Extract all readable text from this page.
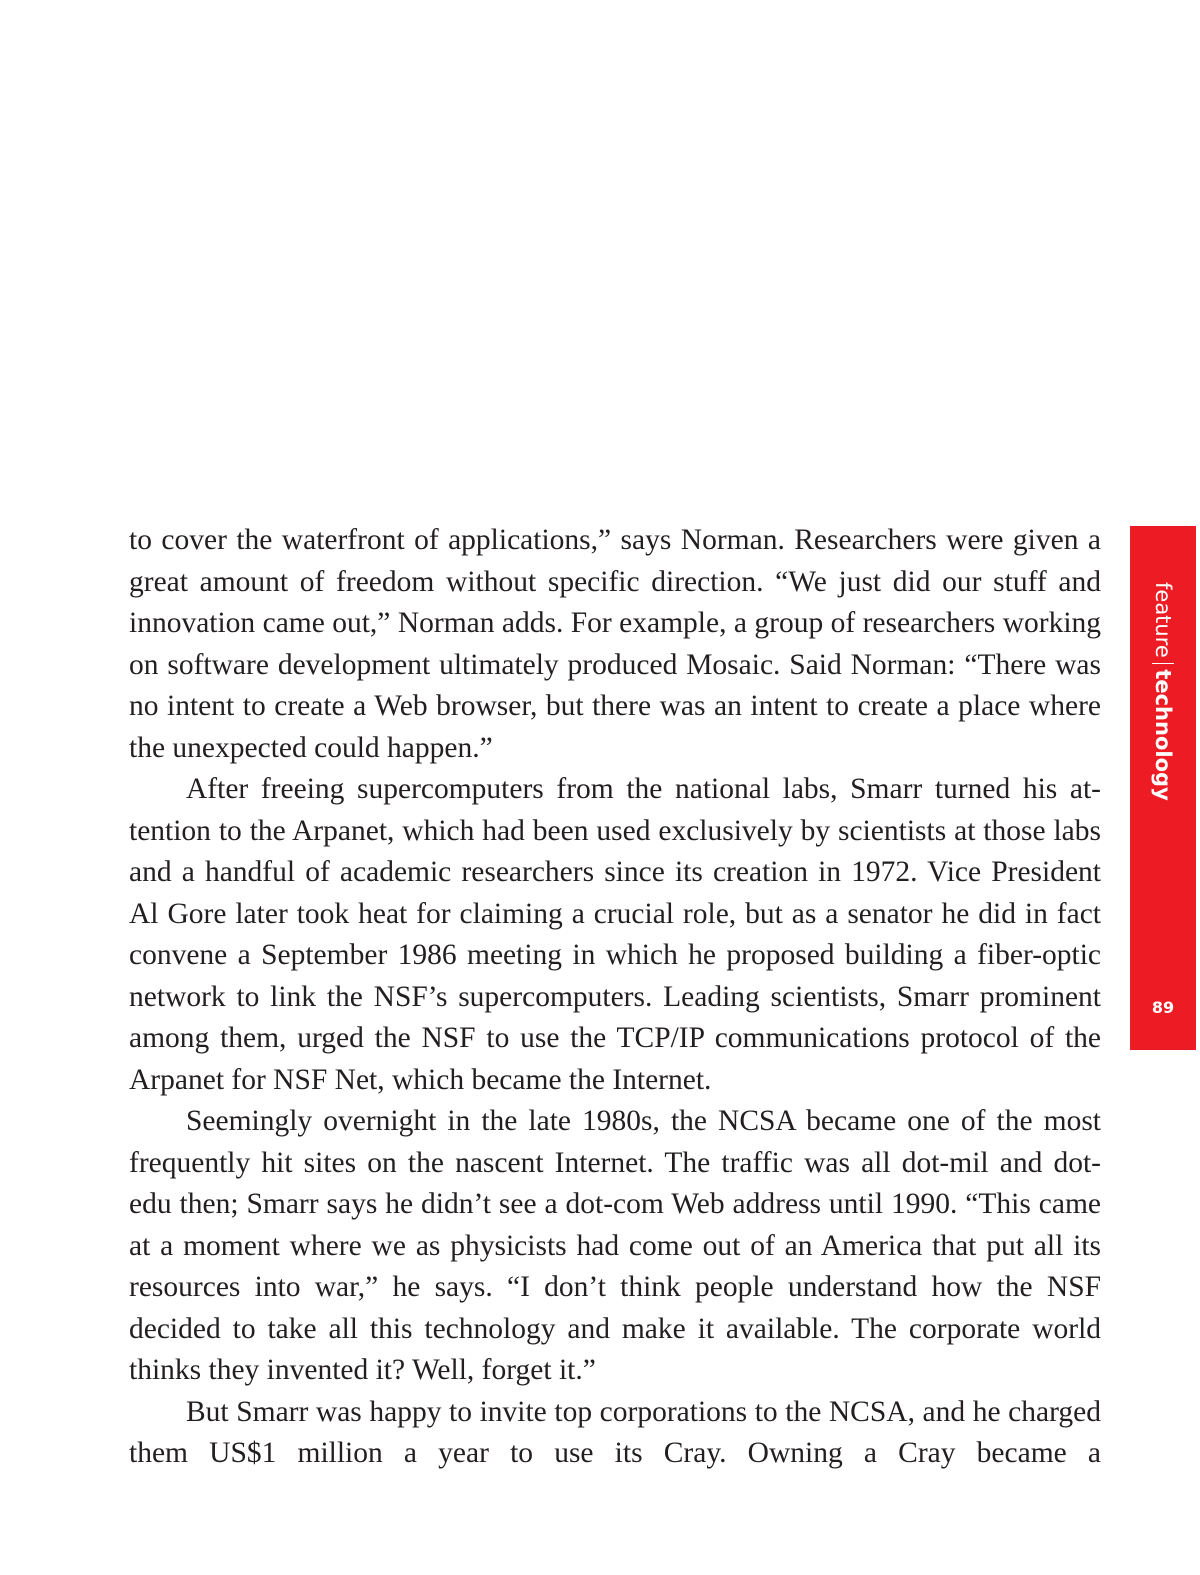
to cover the waterfront of applications,” says Norman. Researchers were given a great amount of freedom without specific direction. “We just did our stuff and innovation came out,” Norman adds. For example, a group of researchers working on software development ultimately produced Mosaic. Said Norman: “There was no intent to create a Web browser, but there was an intent to create a place where the unexpected could happen.”
After freeing supercomputers from the national labs, Smarr turned his at- tention to the Arpanet, which had been used exclusively by scientists at those labs and a handful of academic researchers since its creation in 1972. Vice President Al Gore later took heat for claiming a crucial role, but as a senator he did in fact convene a September 1986 meeting in which he proposed building a fiber-optic network to link the NSF’s supercomputers. Leading scientists, Smarr prominent among them, urged the NSF to use the TCP/IP communications protocol of the Arpanet for NSF Net, which became the Internet.
Seemingly overnight in the late 1980s, the NCSA became one of the most frequently hit sites on the nascent Internet. The traffic was all dot-mil and dot- edu then; Smarr says he didn’t see a dot-com Web address until 1990. “This came at a moment where we as physicists had come out of an America that put all its resources into war,” he says. “I don’t think people understand how the NSF decided to take all this technology and make it available. The corporate world thinks they invented it? Well, forget it.”
But Smarr was happy to invite top corporations to the NCSA, and he charged them US$1 million a year to use its Cray. Owning a Cray became a
featuretechnology
89
